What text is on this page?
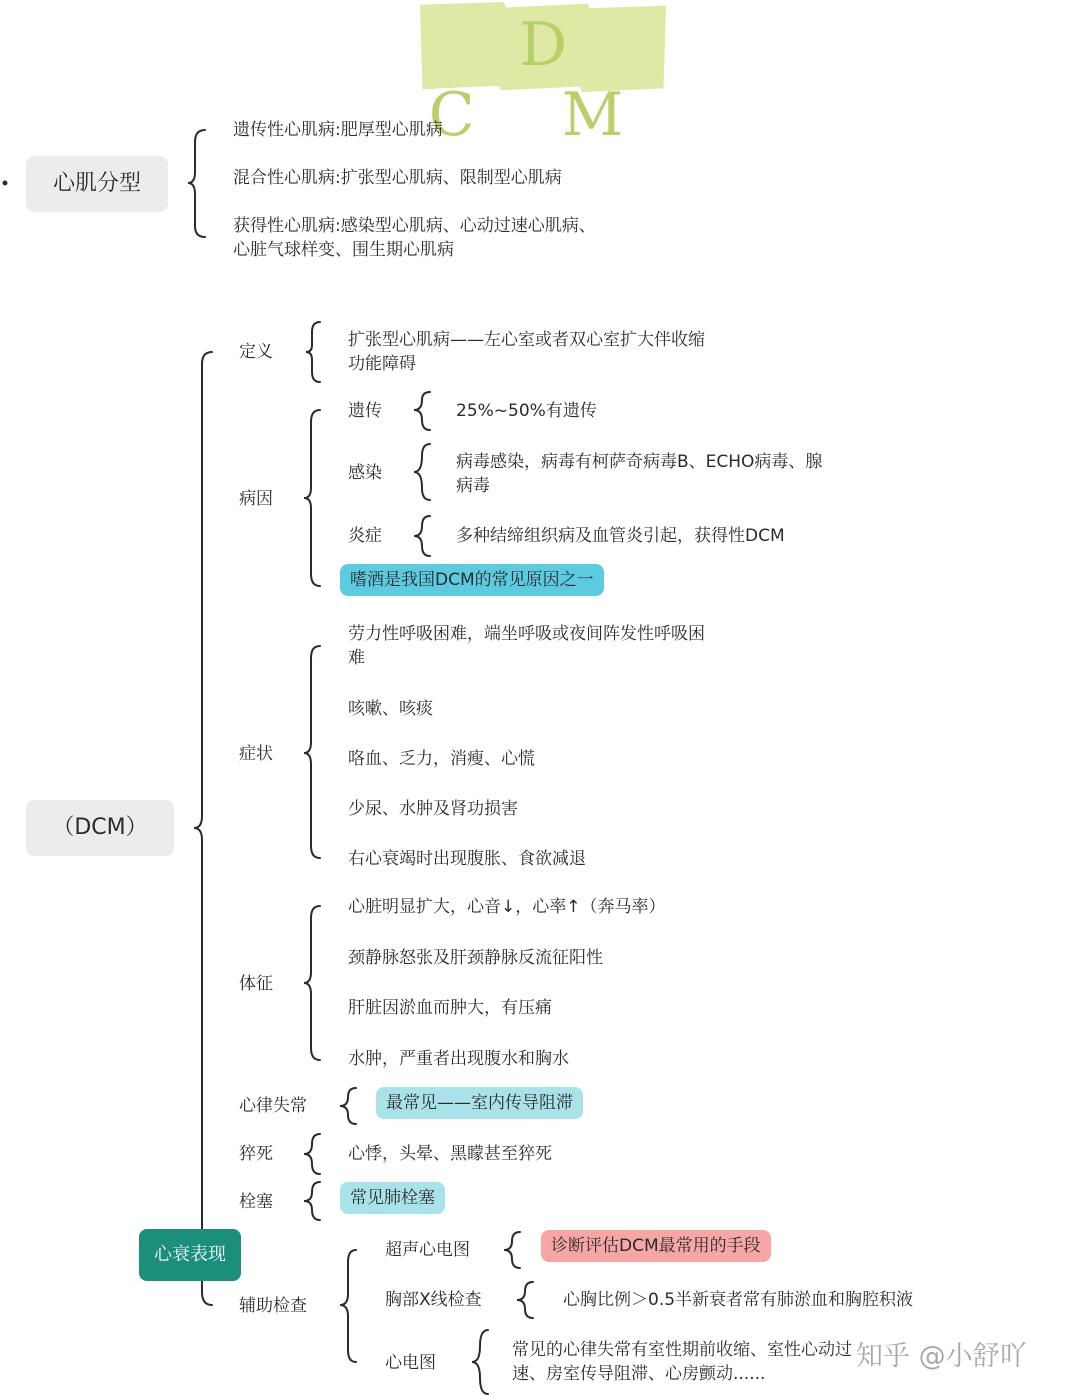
D C M
心肌分型
遗传性心肌病:肥厚型心肌病
混合性心肌病:扩张型心肌病、限制型心肌病
获得性心肌病:感染型心肌病、心动过速心肌病、
心脏气球样变、围生期心肌病
（DCM）
定义
扩张型心肌病——左心室或者双心室扩大伴收缩
功能障碍
病因
遗传	25%~50%有遗传
感染
病毒感染，病毒有柯萨奇病毒B、ECHO病毒、腺
病毒
炎症	多种结缔组织病及血管炎引起，获得性DCM
嗜酒是我国DCM的常见原因之一
症状
劳力性呼吸困难，端坐呼吸或夜间阵发性呼吸困
难
咳嗽、咳痰
咯血、乏力，消瘦、心慌
少尿、水肿及肾功损害
右心衰竭时出现腹胀、食欲减退
体征
心脏明显扩大，心音↓，心率↑（奔马率）
颈静脉怒张及肝颈静脉反流征阳性
肝脏因淤血而肿大，有压痛
水肿，严重者出现腹水和胸水
心律失常	最常见——室内传导阻滞
猝死	心悸，头晕、黑矇甚至猝死
栓塞	常见肺栓塞
心衰表现
辅助检查
超声心电图	诊断评估DCM最常用的手段
胸部X线检查	心胸比例＞0.5半新衰者常有肺淤血和胸腔积液
心电图
常见的心律失常有室性期前收缩、室性心动过
速、房室传导阻滞、心房颤动......
知乎 @小舒吖
